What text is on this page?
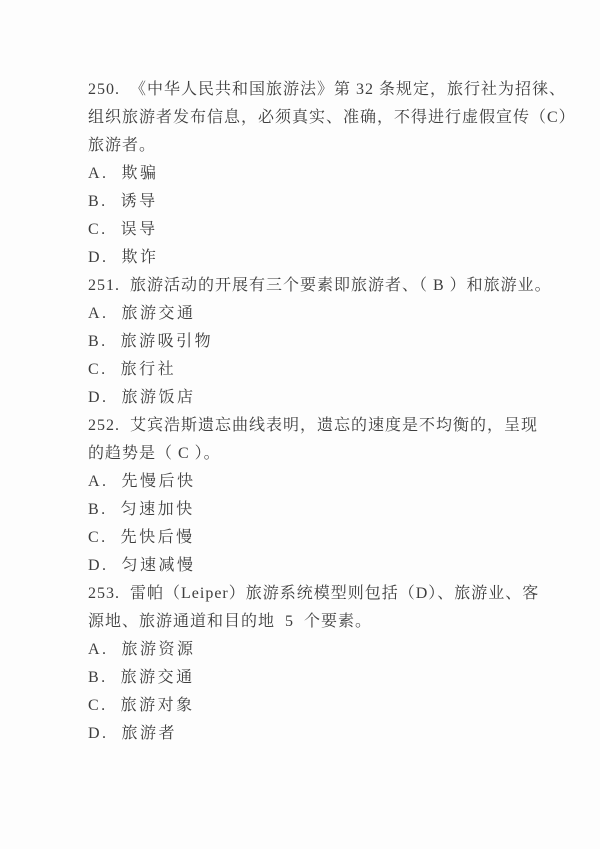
250.  《中华人民共和国旅游法》第 32 条规定，旅行社为招徕、
组织旅游者发布信息，必须真实、准确，不得进行虚假宣传（C）
旅游者。
A.  欺骗
B.  诱导
C.  误导
D.  欺诈
251.  旅游活动的开展有三个要素即旅游者、（ B ）和旅游业。
A.  旅游交通
B.  旅游吸引物
C.  旅行社
D.  旅游饭店
252.  艾宾浩斯遗忘曲线表明，遗忘的速度是不均衡的，呈现
的趋势是（ C ）。
A.  先慢后快
B.  匀速加快
C.  先快后慢
D.  匀速减慢
253.  雷帕（Leiper）旅游系统模型则包括（D）、旅游业、客
源地、旅游通道和目的地  5  个要素。
A.  旅游资源
B.  旅游交通
C.  旅游对象
D.  旅游者
